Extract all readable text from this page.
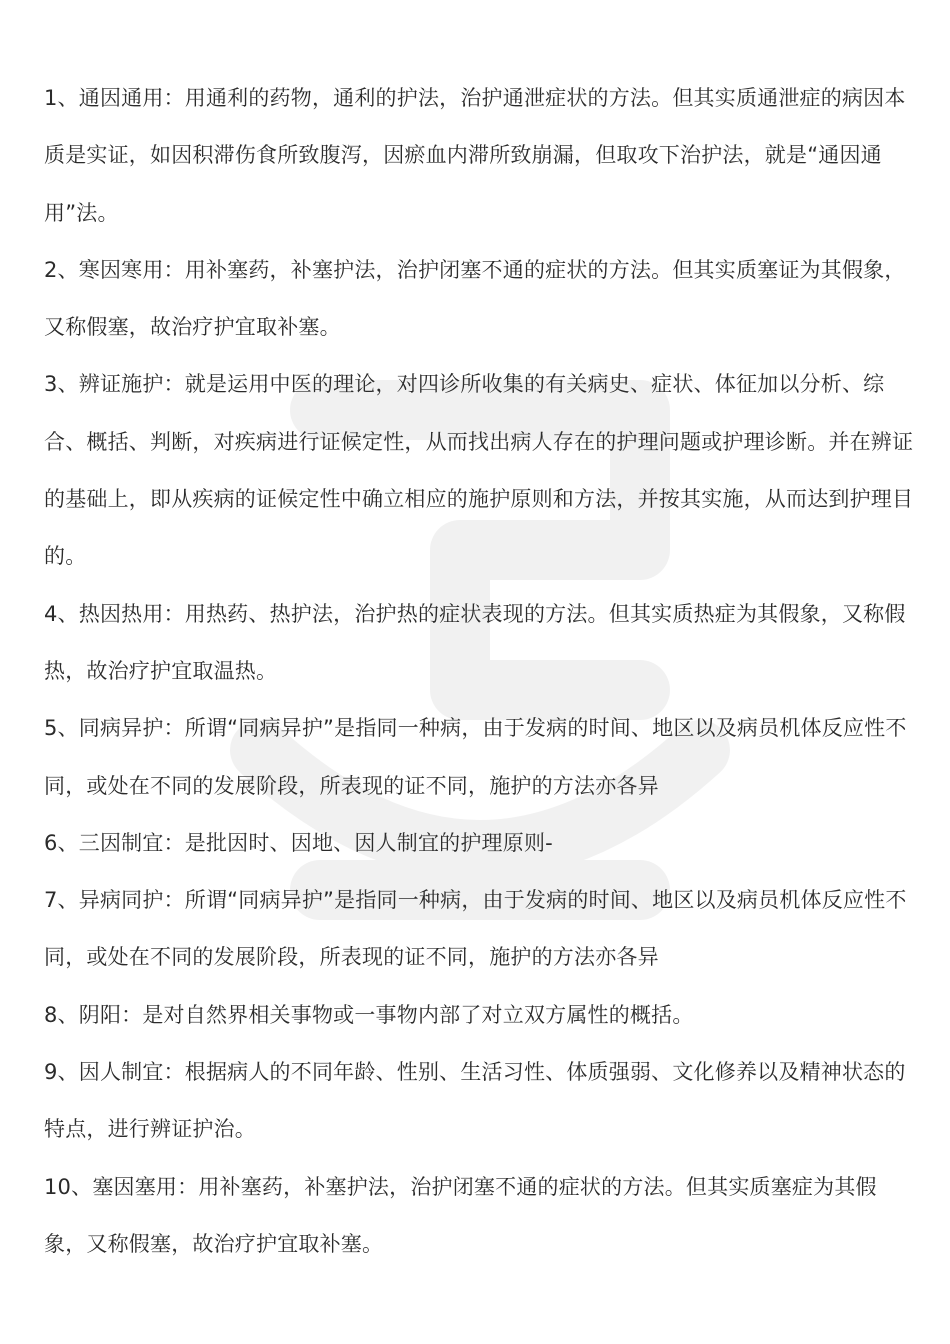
1、通因通用：用通利的药物，通利的护法，治护通泄症状的方法。但其实质通泄症的病因本质是实证，如因积滞伤食所致腹泻，因瘀血内滞所致崩漏，但取攻下治护法，就是“通因通用”法。

2、寒因寒用：用补塞药，补塞护法，治护闭塞不通的症状的方法。但其实质塞证为其假象，又称假塞，故治疗护宜取补塞。

3、辨证施护：就是运用中医的理论，对四诊所收集的有关病史、症状、体征加以分析、综合、概括、判断，对疾病进行证候定性，从而找出病人存在的护理问题或护理诊断。并在辨证的基础上，即从疾病的证候定性中确立相应的施护原则和方法，并按其实施，从而达到护理目的。

4、热因热用：用热药、热护法，治护热的症状表现的方法。但其实质热症为其假象，又称假热，故治疗护宜取温热。

5、同病异护：所谓“同病异护”是指同一种病，由于发病的时间、地区以及病员机体反应性不同，或处在不同的发展阶段，所表现的证不同，施护的方法亦各异

6、三因制宜：是批因时、因地、因人制宜的护理原则-

7、异病同护：所谓“同病异护”是指同一种病，由于发病的时间、地区以及病员机体反应性不同，或处在不同的发展阶段，所表现的证不同，施护的方法亦各异

8、阴阳：是对自然界相关事物或一事物内部了对立双方属性的概括。

9、因人制宜：根据病人的不同年龄、性别、生活习性、体质强弱、文化修养以及精神状态的特点，进行辨证护治。

10、塞因塞用：用补塞药，补塞护法，治护闭塞不通的症状的方法。但其实质塞症为其假象，又称假塞，故治疗护宜取补塞。
